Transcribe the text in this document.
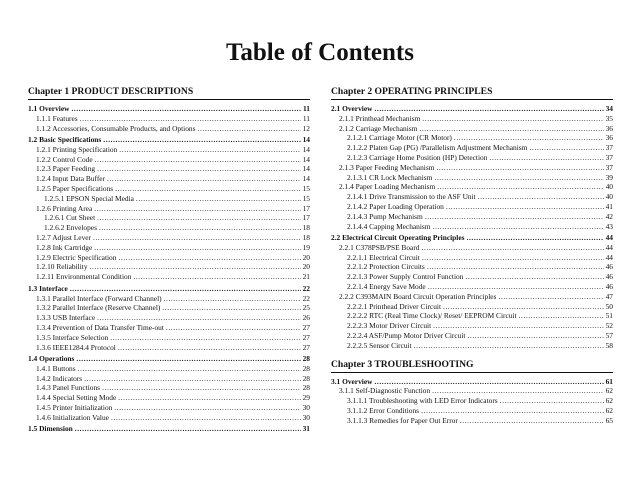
Table of Contents
Chapter 1 PRODUCT DESCRIPTIONS
1.1 Overview .....	11
1.1.1 Features .....	11
1.1.2 Accessories, Consumable Products, and Options .....	12
1.2 Basic Specifications .....	14
1.2.1 Printing Specification .....	14
1.2.2 Control Code .....	14
1.2.3 Paper Feeding .....	14
1.2.4 Input Data Buffer .....	14
1.2.5 Paper Specifications .....	15
1.2.5.1 EPSON Special Media .....	15
1.2.6 Printing Area .....	17
1.2.6.1 Cut Sheet .....	17
1.2.6.2 Envelopes .....	18
1.2.7 Adjust Lever .....	18
1.2.8 Ink Cartridge .....	19
1.2.9 Electric Specification .....	20
1.2.10 Reliability .....	20
1.2.11 Environmental Condition .....	21
1.3 Interface .....	22
1.3.1 Parallel Interface (Forward Channel) .....	22
1.3.2 Parallel Interface (Reserve Channel) .....	25
1.3.3 USB Interface .....	26
1.3.4 Prevention of Data Transfer Time-out .....	27
1.3.5 Interface Selection .....	27
1.3.6 IEEE1284.4 Protocol .....	27
1.4 Operations .....	28
1.4.1 Buttons .....	28
1.4.2 Indicators .....	28
1.4.3 Panel Functions .....	28
1.4.4 Special Setting Mode .....	29
1.4.5 Printer Initialization .....	30
1.4.6 Initialization Value .....	30
1.5 Dimension .....	31
Chapter 2 OPERATING PRINCIPLES
2.1 Overview .....	34
2.1.1 Printhead Mechanism .....	35
2.1.2 Carriage Mechanism .....	36
2.1.2.1 Carriage Motor (CR Motor) .....	36
2.1.2.2 Platen Gap (PG) /Parallelism Adjustment Mechanism .....	37
2.1.2.3 Carriage Home Position (HP) Detection .....	37
2.1.3 Paper Feeding Mechanism .....	37
2.1.3.1 CR Lock Mechanism .....	39
2.1.4 Paper Loading Mechanism .....	40
2.1.4.1 Drive Transmission to the ASF Unit .....	40
2.1.4.2 Paper Loading Operation .....	41
2.1.4.3 Pump Mechanism .....	42
2.1.4.4 Capping Mechanism .....	43
2.2 Electrical Circuit Operating Principles .....	44
2.2.1 C378PSB/PSE Board .....	44
2.2.1.1 Electrical Circuit .....	44
2.2.1.2 Protection Circuits .....	46
2.2.1.3 Power Supply Control Function .....	46
2.2.1.4 Energy Save Mode .....	46
2.2.2 C393MAIN Board Circuit Operation Principles .....	47
2.2.2.1 Printhead Driver Circuit .....	50
2.2.2.2 RTC (Real Time Clock)/ Reset/ EEPROM Circuit .....	51
2.2.2.3 Motor Driver Circuit .....	52
2.2.2.4 ASF/Pump Motor Driver Circuit .....	57
2.2.2.5 Sensor Circuit .....	58
Chapter 3 TROUBLESHOOTING
3.1 Overview .....	61
3.1.1 Self-Diagnostic Function .....	62
3.1.1.1 Troubleshooting with LED Error Indicators .....	62
3.1.1.2 Error Conditions .....	62
3.1.1.3 Remedies for Paper Out Error .....	65
